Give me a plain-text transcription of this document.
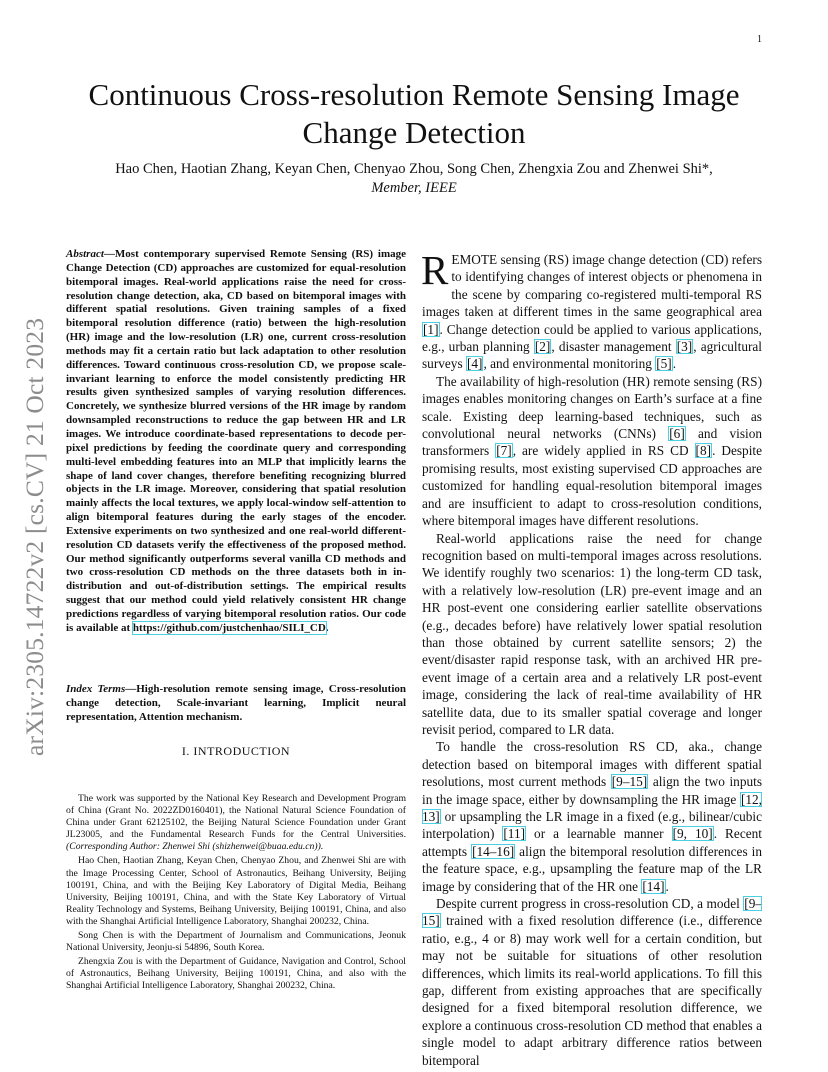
1
arXiv:2305.14722v2 [cs.CV] 21 Oct 2023
Continuous Cross-resolution Remote Sensing Image Change Detection

Hao Chen, Haotian Zhang, Keyan Chen, Chenyao Zhou, Song Chen, Zhengxia Zou and Zhenwei Shi*, Member, IEEE

Abstract—Most contemporary supervised Remote Sensing (RS) image Change Detection (CD) approaches are customized for equal-resolution bitemporal images. Real-world applications raise the need for cross-resolution change detection, aka, CD based on bitemporal images with different spatial resolutions. Given training samples of a fixed bitemporal resolution difference (ratio) between the high-resolution (HR) image and the low-resolution (LR) one, current cross-resolution methods may fit a certain ratio but lack adaptation to other resolution differences. Toward continuous cross-resolution CD, we propose scale-invariant learning to enforce the model consistently predicting HR results given synthesized samples of varying resolution differences. Concretely, we synthesize blurred versions of the HR image by random downsampled reconstructions to reduce the gap between HR and LR images. We introduce coordinate-based representations to decode per-pixel predictions by feeding the coordinate query and corresponding multi-level embedding features into an MLP that implicitly learns the shape of land cover changes, therefore benefiting recognizing blurred objects in the LR image. Moreover, considering that spatial resolution mainly affects the local textures, we apply local-window self-attention to align bitemporal features during the early stages of the encoder. Extensive experiments on two synthesized and one real-world different-resolution CD datasets verify the effectiveness of the proposed method. Our method significantly outperforms several vanilla CD methods and two cross-resolution CD methods on the three datasets both in in-distribution and out-of-distribution settings. The empirical results suggest that our method could yield relatively consistent HR change predictions regardless of varying bitemporal resolution ratios. Our code is available at https://github.com/justchenhao/SILI_CD.

Index Terms—High-resolution remote sensing image, Cross-resolution change detection, Scale-invariant learning, Implicit neural representation, Attention mechanism.

I. INTRODUCTION

The work was supported by the National Key Research and Development Program of China (Grant No. 2022ZD0160401), the National Natural Science Foundation of China under Grant 62125102, the Beijing Natural Science Foundation under Grant JL23005, and the Fundamental Research Funds for the Central Universities. (Corresponding Author: Zhenwei Shi (shizhenwei@buaa.edu.cn)).

Hao Chen, Haotian Zhang, Keyan Chen, Chenyao Zhou, and Zhenwei Shi are with the Image Processing Center, School of Astronautics, Beihang University, Beijing 100191, China, and with the Beijing Key Laboratory of Digital Media, Beihang University, Beijing 100191, China, and with the State Key Laboratory of Virtual Reality Technology and Systems, Beihang University, Beijing 100191, China, and also with the Shanghai Artificial Intelligence Laboratory, Shanghai 200232, China.

Song Chen is with the Department of Journalism and Communications, Jeonuk National University, Jeonju-si 54896, South Korea.

Zhengxia Zou is with the Department of Guidance, Navigation and Control, School of Astronautics, Beihang University, Beijing 100191, China, and also with the Shanghai Artificial Intelligence Laboratory, Shanghai 200232, China.

REMOTE sensing (RS) image change detection (CD) refers to identifying changes of interest objects or phenomena in the scene by comparing co-registered multi-temporal RS images taken at different times in the same geographical area [1]. Change detection could be applied to various applications, e.g., urban planning [2], disaster management [3], agricultural surveys [4], and environmental monitoring [5].

The availability of high-resolution (HR) remote sensing (RS) images enables monitoring changes on Earth’s surface at a fine scale. Existing deep learning-based techniques, such as convolutional neural networks (CNNs) [6] and vision transformers [7], are widely applied in RS CD [8]. Despite promising results, most existing supervised CD approaches are customized for handling equal-resolution bitemporal images and are insufficient to adapt to cross-resolution conditions, where bitemporal images have different resolutions.

Real-world applications raise the need for change recognition based on multi-temporal images across resolutions. We identify roughly two scenarios: 1) the long-term CD task, with a relatively low-resolution (LR) pre-event image and an HR post-event one considering earlier satellite observations (e.g., decades before) have relatively lower spatial resolution than those obtained by current satellite sensors; 2) the event/disaster rapid response task, with an archived HR pre-event image of a certain area and a relatively LR post-event image, considering the lack of real-time availability of HR satellite data, due to its smaller spatial coverage and longer revisit period, compared to LR data.

To handle the cross-resolution RS CD, aka., change detection based on bitemporal images with different spatial resolutions, most current methods [9–15] align the two inputs in the image space, either by downsampling the HR image [12, 13] or upsampling the LR image in a fixed (e.g., bilinear/cubic interpolation) [11] or a learnable manner [9, 10]. Recent attempts [14–16] align the bitemporal resolution differences in the feature space, e.g., upsampling the feature map of the LR image by considering that of the HR one [14].

Despite current progress in cross-resolution CD, a model [9–15] trained with a fixed resolution difference (i.e., difference ratio, e.g., 4 or 8) may work well for a certain condition, but may not be suitable for situations of other resolution differences, which limits its real-world applications. To fill this gap, different from existing approaches that are specifically designed for a fixed bitemporal resolution difference, we explore a continuous cross-resolution CD method that enables a single model to adapt arbitrary difference ratios between bitemporal
